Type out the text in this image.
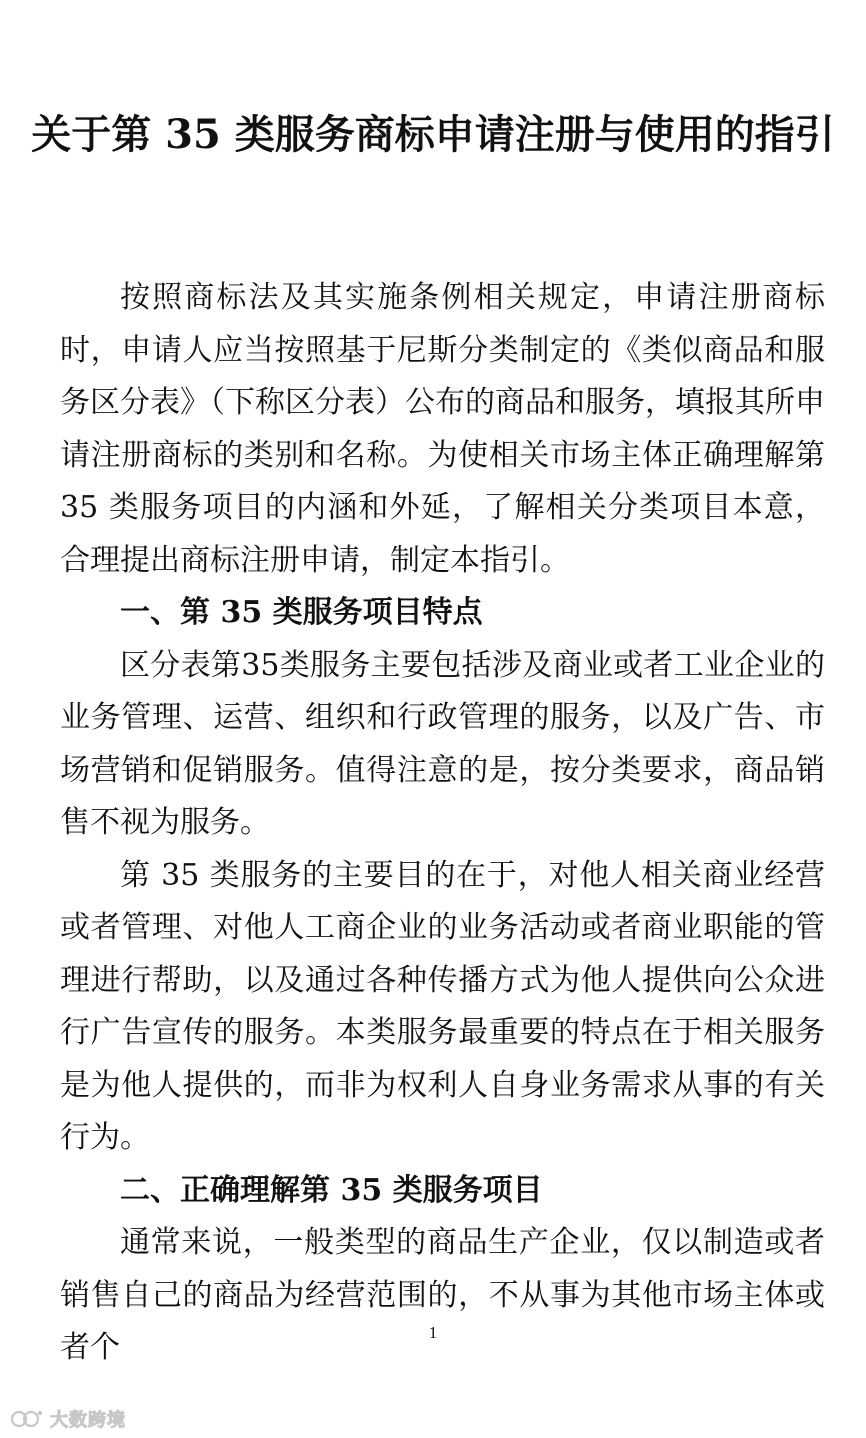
关于第 35 类服务商标申请注册与使用的指引

按照商标法及其实施条例相关规定，申请注册商标时，申请人应当按照基于尼斯分类制定的《类似商品和服务区分表》（下称区分表）公布的商品和服务，填报其所申请注册商标的类别和名称。为使相关市场主体正确理解第 35 类服务项目的内涵和外延，了解相关分类项目本意，合理提出商标注册申请，制定本指引。

一、第 35 类服务项目特点

区分表第35类服务主要包括涉及商业或者工业企业的业务管理、运营、组织和行政管理的服务，以及广告、市场营销和促销服务。值得注意的是，按分类要求，商品销售不视为服务。

第 35 类服务的主要目的在于，对他人相关商业经营或者管理、对他人工商企业的业务活动或者商业职能的管理进行帮助，以及通过各种传播方式为他人提供向公众进行广告宣传的服务。本类服务最重要的特点在于相关服务是为他人提供的，而非为权利人自身业务需求从事的有关行为。

二、正确理解第 35 类服务项目

通常来说，一般类型的商品生产企业，仅以制造或者销售自己的商品为经营范围的，不从事为其他市场主体或者个	1
大数跨境
